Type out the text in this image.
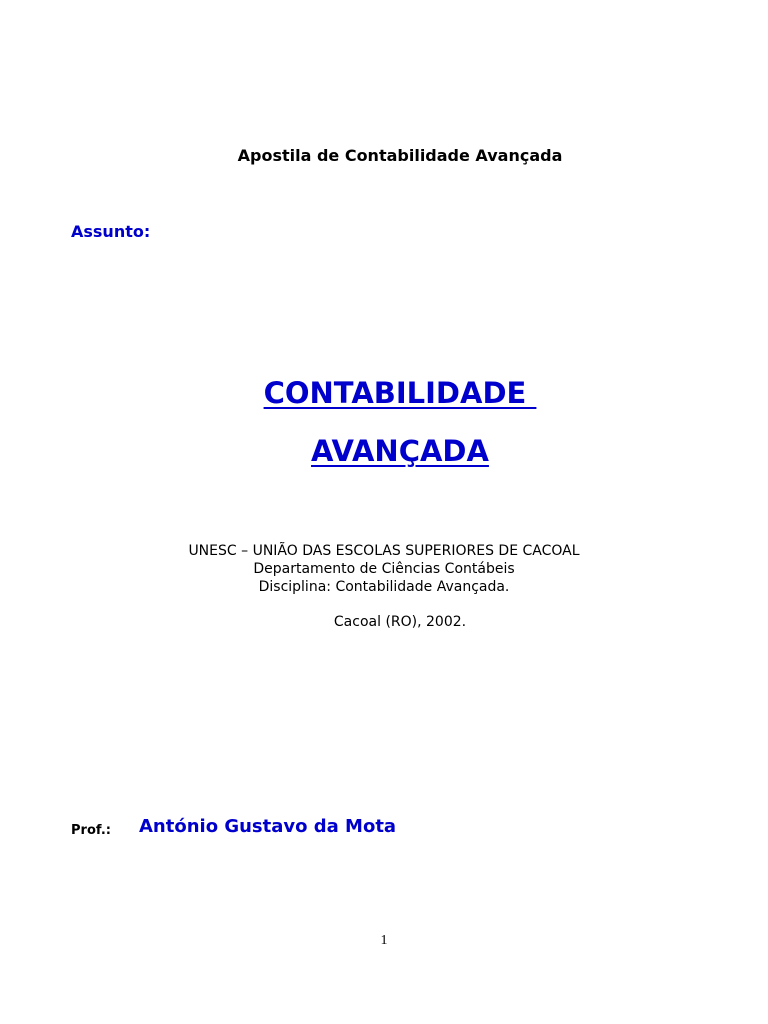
Apostila de Contabilidade Avançada
Assunto:
CONTABILIDADE
AVANÇADA
UNESC – UNIÃO DAS ESCOLAS SUPERIORES DE CACOAL
Departamento de Ciências Contábeis
Disciplina: Contabilidade Avançada.
Cacoal (RO), 2002.
Prof.: António Gustavo da Mota
1
